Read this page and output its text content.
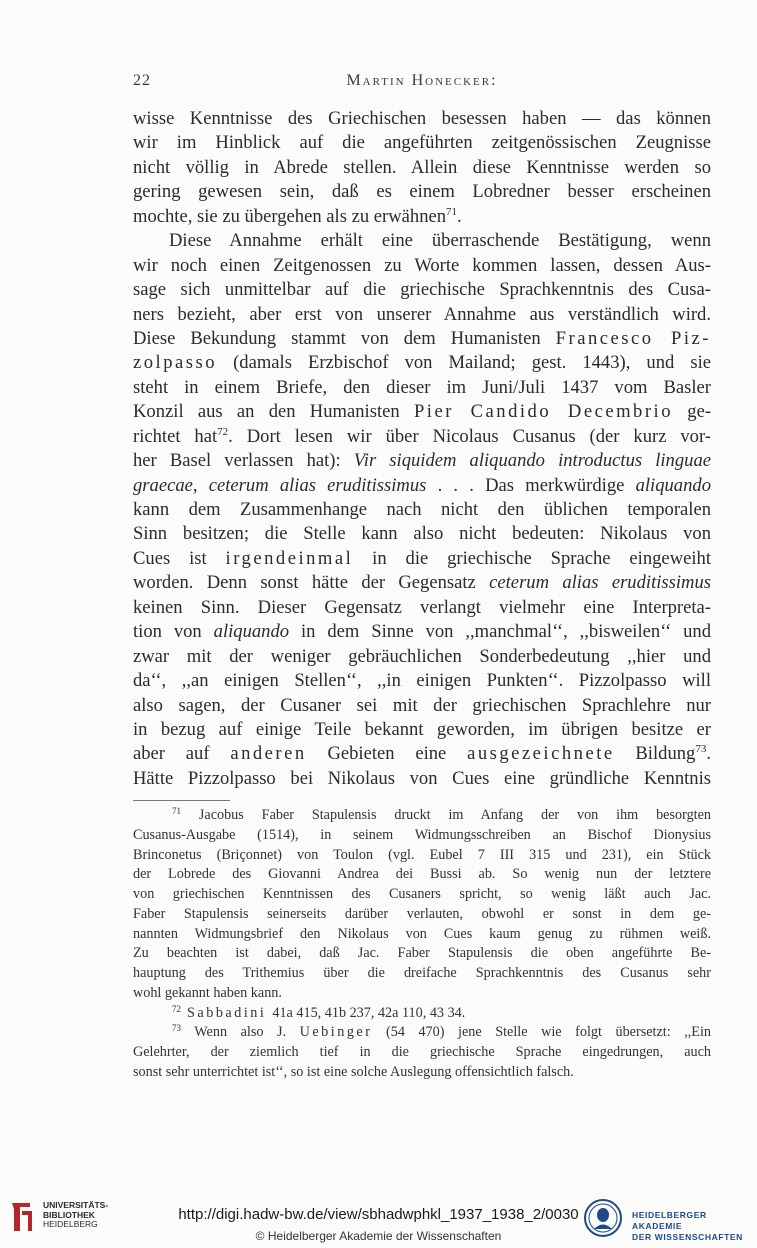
22	Martin Honecker:
wisse Kenntnisse des Griechischen besessen haben — das können
wir im Hinblick auf die angeführten zeitgenössischen Zeugnisse
nicht völlig in Abrede stellen. Allein diese Kenntnisse werden so
gering gewesen sein, daß es einem Lobredner besser erscheinen
mochte, sie zu übergehen als zu erwähnen$^{71}$.
Diese Annahme erhält eine überraschende Bestätigung, wenn
wir noch einen Zeitgenossen zu Worte kommen lassen, dessen Aus-
sage sich unmittelbar auf die griechische Sprachkenntnis des Cusa-
ners bezieht, aber erst von unserer Annahme aus verständlich wird.
Diese Bekundung stammt von dem Humanisten Francesco Piz-
zolpasso (damals Erzbischof von Mailand; gest. 1443), und sie
steht in einem Briefe, den dieser im Juni/Juli 1437 vom Basler
Konzil aus an den Humanisten Pier Candido Decembrio ge-
richtet hat$^{72}$. Dort lesen wir über Nicolaus Cusanus (der kurz vor-
her Basel verlassen hat): Vir siquidem aliquando introductus linguae
graecae, ceterum alias eruditissimus . . . Das merkwürdige aliquando
kann dem Zusammenhange nach nicht den üblichen temporalen
Sinn besitzen; die Stelle kann also nicht bedeuten: Nikolaus von
Cues ist irgendeinmal in die griechische Sprache eingeweiht
worden. Denn sonst hätte der Gegensatz ceterum alias eruditissimus
keinen Sinn. Dieser Gegensatz verlangt vielmehr eine Interpreta-
tion von aliquando in dem Sinne von ,,manchmal‘‘, ,,bisweilen‘‘ und
zwar mit der weniger gebräuchlichen Sonderbedeutung ,,hier und
da‘‘, ,,an einigen Stellen‘‘, ,,in einigen Punkten‘‘. Pizzolpasso will
also sagen, der Cusaner sei mit der griechischen Sprachlehre nur
in bezug auf einige Teile bekannt geworden, im übrigen besitze er
aber auf anderen Gebieten eine ausgezeichnete Bildung$^{73}$.
Hätte Pizzolpasso bei Nikolaus von Cues eine gründliche Kenntnis
$^{71}$ Jacobus Faber Stapulensis druckt im Anfang der von ihm besorgten
Cusanus-Ausgabe (1514), in seinem Widmungsschreiben an Bischof Dionysius
Brinconetus (Briçonnet) von Toulon (vgl. Eubel 7 III 315 und 231), ein Stück
der Lobrede des Giovanni Andrea dei Bussi ab. So wenig nun der letztere
von griechischen Kenntnissen des Cusaners spricht, so wenig läßt auch Jac.
Faber Stapulensis seinerseits darüber verlauten, obwohl er sonst in dem ge-
nannten Widmungsbrief den Nikolaus von Cues kaum genug zu rühmen weiß.
Zu beachten ist dabei, daß Jac. Faber Stapulensis die oben angeführte Be-
hauptung des Trithemius über die dreifache Sprachkenntnis des Cusanus sehr
wohl gekannt haben kann.
$^{72}$ Sabbadini 41a 415, 41b 237, 42a 110, 43 34.
$^{73}$ Wenn also J. Uebinger (54 470) jene Stelle wie folgt übersetzt: ,,Ein
Gelehrter, der ziemlich tief in die griechische Sprache eingedrungen, auch
sonst sehr unterrichtet ist‘‘, so ist eine solche Auslegung offensichtlich falsch.
UNIVERSITÄTS-
BIBLIOTHEK
HEIDELBERG
http://digi.hadw-bw.de/view/sbhadwphkl_1937_1938_2/0030
© Heidelberger Akademie der Wissenschaften
HEIDELBERGER AKADEMIE
DER WISSENSCHAFTEN
